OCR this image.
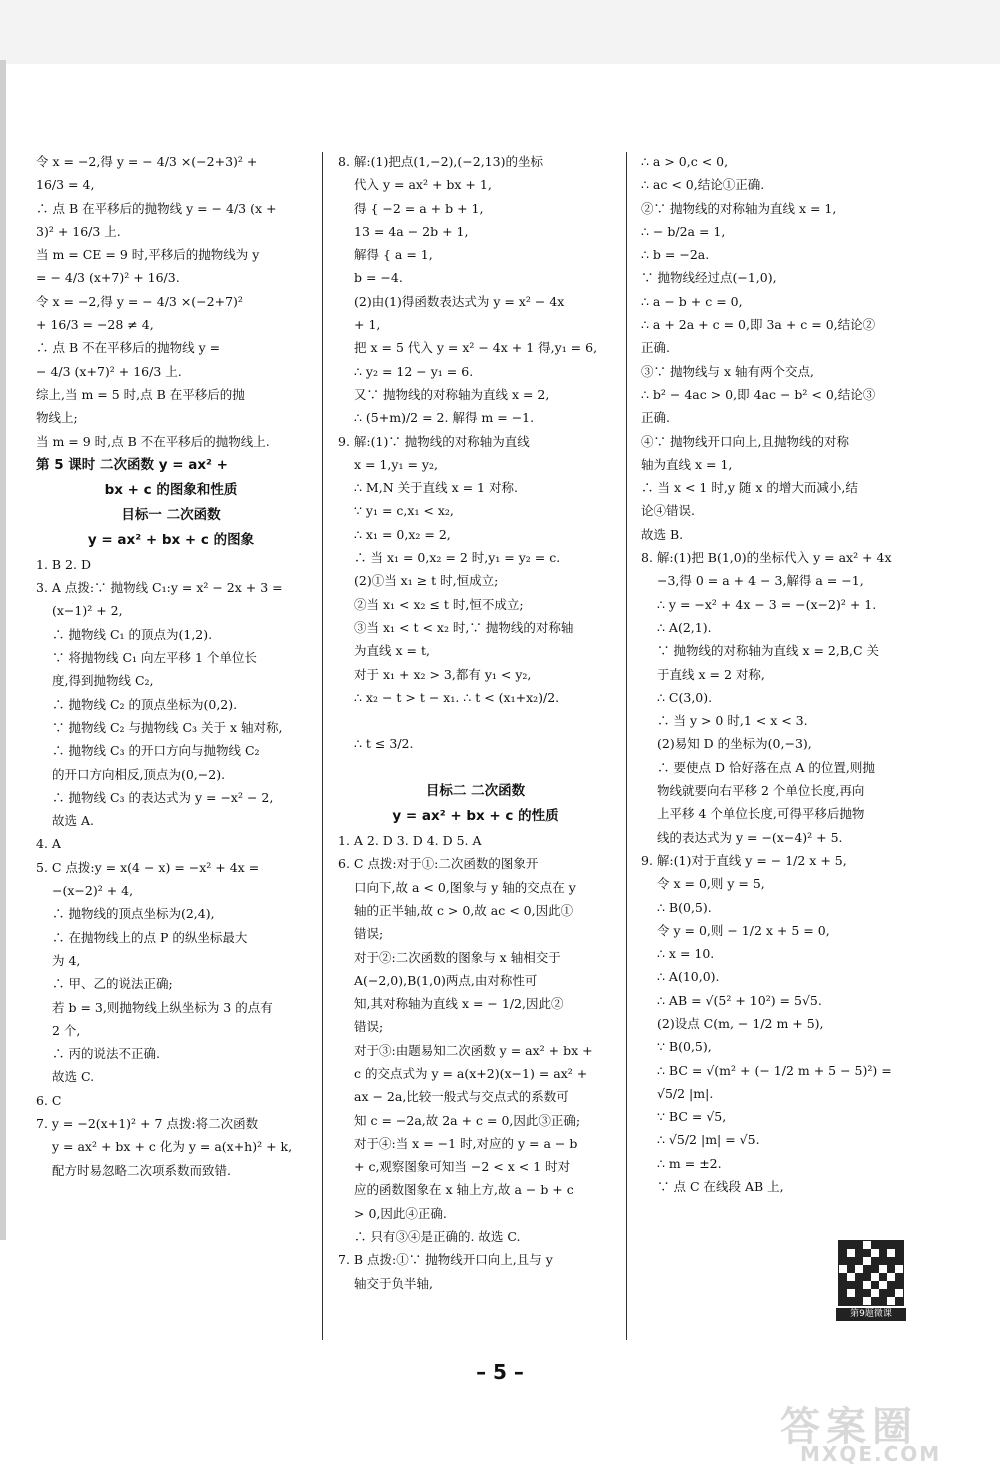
令 x = −2,得 y = − 4/3 ×(−2+3)² +
16/3 = 4,
∴ 点 B 在平移后的抛物线 y = − 4/3 (x +
3)² + 16/3 上.
当 m = CE = 9 时,平移后的抛物线为 y
= − 4/3 (x+7)² + 16/3.
令 x = −2,得 y = − 4/3 ×(−2+7)²
+ 16/3 = −28 ≠ 4,
∴ 点 B 不在平移后的抛物线 y =
− 4/3 (x+7)² + 16/3 上.
综上,当 m = 5 时,点 B 在平移后的抛
物线上;
当 m = 9 时,点 B 不在平移后的抛物线上.
第 5 课时 二次函数 y = ax² +
bx + c 的图象和性质
目标一 二次函数
y = ax² + bx + c 的图象
1. B 2. D
3. A 点拨:∵ 抛物线 C₁:y = x² − 2x + 3 =
(x−1)² + 2,
∴ 抛物线 C₁ 的顶点为(1,2).
∵ 将抛物线 C₁ 向左平移 1 个单位长
度,得到抛物线 C₂,
∴ 抛物线 C₂ 的顶点坐标为(0,2).
∵ 抛物线 C₂ 与抛物线 C₃ 关于 x 轴对称,
∴ 抛物线 C₃ 的开口方向与抛物线 C₂
的开口方向相反,顶点为(0,−2).
∴ 抛物线 C₃ 的表达式为 y = −x² − 2,
故选 A.
4. A
5. C 点拨:y = x(4 − x) = −x² + 4x =
−(x−2)² + 4,
∴ 抛物线的顶点坐标为(2,4),
∴ 在抛物线上的点 P 的纵坐标最大
为 4,
∴ 甲、乙的说法正确;
若 b = 3,则抛物线上纵坐标为 3 的点有
2 个,
∴ 丙的说法不正确.
故选 C.
6. C
7. y = −2(x+1)² + 7 点拨:将二次函数
y = ax² + bx + c 化为 y = a(x+h)² + k,
配方时易忽略二次项系数而致错.
8. 解:(1)把点(1,−2),(−2,13)的坐标
代入 y = ax² + bx + 1,
得 { −2 = a + b + 1,
13 = 4a − 2b + 1,
解得 { a = 1,
b = −4.
(2)由(1)得函数表达式为 y = x² − 4x
+ 1,
把 x = 5 代入 y = x² − 4x + 1 得,y₁ = 6,
∴ y₂ = 12 − y₁ = 6.
又∵ 抛物线的对称轴为直线 x = 2,
∴ (5+m)/2 = 2. 解得 m = −1.
9. 解:(1)∵ 抛物线的对称轴为直线
x = 1,y₁ = y₂,
∴ M,N 关于直线 x = 1 对称.
∵ y₁ = c,x₁ < x₂,
∴ x₁ = 0,x₂ = 2,
∴ 当 x₁ = 0,x₂ = 2 时,y₁ = y₂ = c.
(2)①当 x₁ ≥ t 时,恒成立;
②当 x₁ < x₂ ≤ t 时,恒不成立;
③当 x₁ < t < x₂ 时,∵ 抛物线的对称轴
为直线 x = t,
对于 x₁ + x₂ > 3,都有 y₁ < y₂,
∴ x₂ − t > t − x₁. ∴ t < (x₁+x₂)/2.
∴ t ≤ 3/2.
目标二 二次函数
y = ax² + bx + c 的性质
1. A 2. D 3. D 4. D 5. A
6. C 点拨:对于①:二次函数的图象开
口向下,故 a < 0,图象与 y 轴的交点在 y
轴的正半轴,故 c > 0,故 ac < 0,因此①
错误;
对于②:二次函数的图象与 x 轴相交于
A(−2,0),B(1,0)两点,由对称性可
知,其对称轴为直线 x = − 1/2,因此②
错误;
对于③:由题易知二次函数 y = ax² + bx +
c 的交点式为 y = a(x+2)(x−1) = ax² +
ax − 2a,比较一般式与交点式的系数可
知 c = −2a,故 2a + c = 0,因此③正确;
对于④:当 x = −1 时,对应的 y = a − b
+ c,观察图象可知当 −2 < x < 1 时对
应的函数图象在 x 轴上方,故 a − b + c
> 0,因此④正确.
∴ 只有③④是正确的. 故选 C.
7. B 点拨:①∵ 抛物线开口向上,且与 y
轴交于负半轴,
∴ a > 0,c < 0,
∴ ac < 0,结论①正确.
②∵ 抛物线的对称轴为直线 x = 1,
∴ − b/2a = 1,
∴ b = −2a.
∵ 抛物线经过点(−1,0),
∴ a − b + c = 0,
∴ a + 2a + c = 0,即 3a + c = 0,结论②
正确.
③∵ 抛物线与 x 轴有两个交点,
∴ b² − 4ac > 0,即 4ac − b² < 0,结论③
正确.
④∵ 抛物线开口向上,且抛物线的对称
轴为直线 x = 1,
∴ 当 x < 1 时,y 随 x 的增大而减小,结
论④错误.
故选 B.
8. 解:(1)把 B(1,0)的坐标代入 y = ax² + 4x
−3,得 0 = a + 4 − 3,解得 a = −1,
∴ y = −x² + 4x − 3 = −(x−2)² + 1.
∴ A(2,1).
∵ 抛物线的对称轴为直线 x = 2,B,C 关
于直线 x = 2 对称,
∴ C(3,0).
∴ 当 y > 0 时,1 < x < 3.
(2)易知 D 的坐标为(0,−3),
∴ 要使点 D 恰好落在点 A 的位置,则抛
物线就要向右平移 2 个单位长度,再向
上平移 4 个单位长度,可得平移后抛物
线的表达式为 y = −(x−4)² + 5.
9. 解:(1)对于直线 y = − 1/2 x + 5,
令 x = 0,则 y = 5,
∴ B(0,5).
令 y = 0,则 − 1/2 x + 5 = 0,
∴ x = 10.
∴ A(10,0).
∴ AB = √(5² + 10²) = 5√5.
(2)设点 C(m, − 1/2 m + 5),
∵ B(0,5),
∴ BC = √(m² + (− 1/2 m + 5 − 5)²) =
√5/2 |m|.
∵ BC = √5,
∴ √5/2 |m| = √5.
∴ m = ±2.
∵ 点 C 在线段 AB 上,
第9题微课
– 5 –
答案圈
MXQE.COM
